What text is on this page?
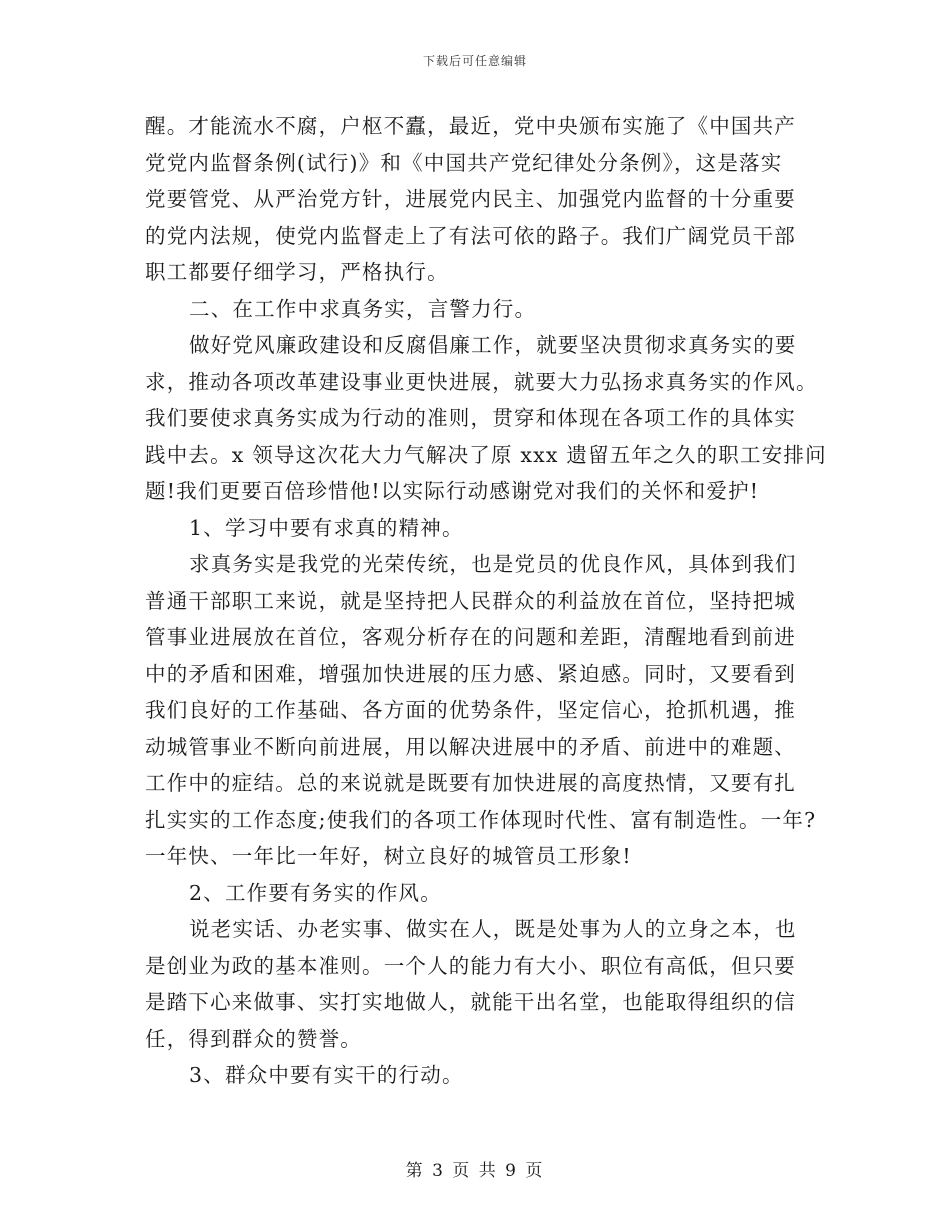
下载后可任意编辑
醒。才能流水不腐，户枢不蠹，最近，党中央颁布实施了《中国共产
党党内监督条例(试行)》和《中国共产党纪律处分条例》，这是落实
党要管党、从严治党方针，进展党内民主、加强党内监督的十分重要
的党内法规，使党内监督走上了有法可依的路子。我们广阔党员干部
职工都要仔细学习，严格执行。
二、在工作中求真务实，言警力行。
做好党风廉政建设和反腐倡廉工作，就要坚决贯彻求真务实的要
求，推动各项改革建设事业更快进展，就要大力弘扬求真务实的作风。
我们要使求真务实成为行动的准则，贯穿和体现在各项工作的具体实
践中去。x 领导这次花大力气解决了原 xxx 遗留五年之久的职工安排问
题!我们更要百倍珍惜他!以实际行动感谢党对我们的关怀和爱护!
1、学习中要有求真的精神。
求真务实是我党的光荣传统，也是党员的优良作风，具体到我们
普通干部职工来说，就是坚持把人民群众的利益放在首位，坚持把城
管事业进展放在首位，客观分析存在的问题和差距，清醒地看到前进
中的矛盾和困难，增强加快进展的压力感、紧迫感。同时，又要看到
我们良好的工作基础、各方面的优势条件，坚定信心，抢抓机遇，推
动城管事业不断向前进展，用以解决进展中的矛盾、前进中的难题、
工作中的症结。总的来说就是既要有加快进展的高度热情，又要有扎
扎实实的工作态度;使我们的各项工作体现时代性、富有制造性。一年?
一年快、一年比一年好，树立良好的城管员工形象!
2、工作要有务实的作风。
说老实话、办老实事、做实在人，既是处事为人的立身之本，也
是创业为政的基本准则。一个人的能力有大小、职位有高低，但只要
是踏下心来做事、实打实地做人，就能干出名堂，也能取得组织的信
任，得到群众的赞誉。
3、群众中要有实干的行动。
第 3 页 共 9 页
